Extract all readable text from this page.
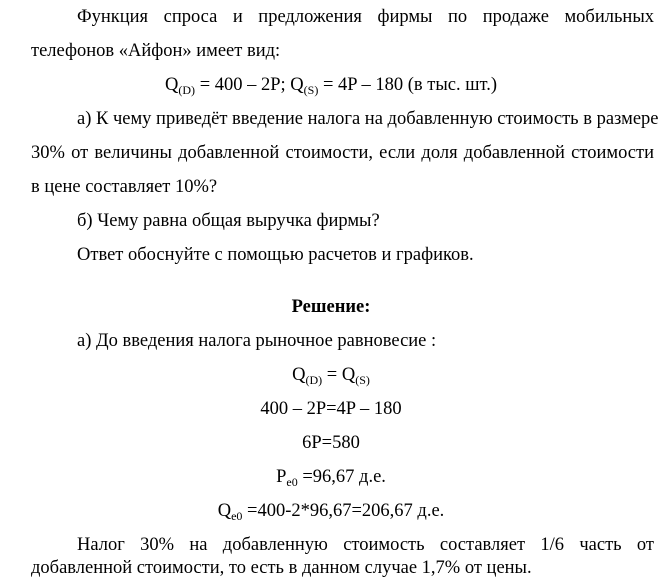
Функция спроса и предложения фирмы по продаже мобильных
телефонов «Айфон» имеет вид:
$Q_{(D)} = 400 - 2P$; $Q_{(S)} = 4P - 180$ (в тыс. шт.)
а) К чему приведёт введение налога на добавленную стоимость в размере
30% от величины добавленной стоимости, если доля добавленной стоимости
в цене составляет 10%?
б) Чему равна общая выручка фирмы?
Ответ обоснуйте с помощью расчетов и графиков.
Решение:
а) До введения налога рыночное равновесие :
$Q_{(D)} = Q_{(S)}$
400 – 2P=4P – 180
6P=580
$P_{e0} =96,67$ д.е.
$Q_{e0} =400-2*96,67=206,67$ д.е.
Налог 30% на добавленную стоимость составляет 1/6 часть от
добавленной стоимости, то есть в данном случае 1,7% от цены.
